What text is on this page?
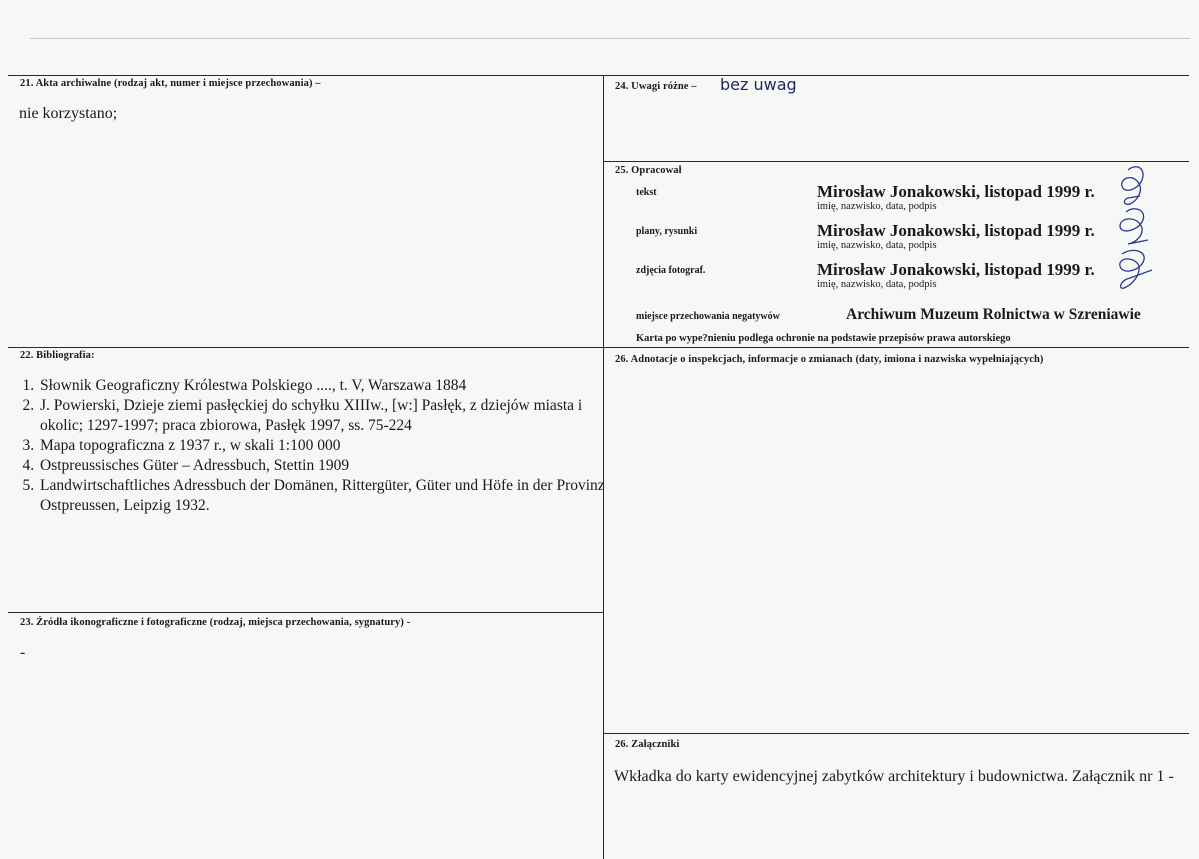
21. Akta archiwalne (rodzaj akt, numer i miejsce przechowania) –
nie korzystano;
24. Uwagi różne – bez uwag
25. Opracował
tekst	Mirosław Jonakowski, listopad 1999 r.
imię, nazwisko, data, podpis
plany, rysunki	Mirosław Jonakowski, listopad 1999 r.
imię, nazwisko, data, podpis
zdjęcia fotograf.	Mirosław Jonakowski, listopad 1999 r.
imię, nazwisko, data, podpis
miejsce przechowania negatywów	Archiwum Muzeum Rolnictwa w Szreniawie
Karta po wype?nieniu podlega ochronie na podstawie przepisów prawa autorskiego
22. Bibliografia:
1. Słownik Geograficzny Królestwa Polskiego ...., t. V, Warszawa 1884
2. J. Powierski, Dzieje ziemi pasłęckiej do schyłku XIIIw., [w:] Pasłęk, z dziejów miasta i okolic; 1297-1997; praca zbiorowa, Pasłęk 1997, ss. 75-224
3. Mapa topograficzna z 1937 r., w skali 1:100 000
4. Ostpreussisches Güter – Adressbuch, Stettin 1909
5. Landwirtschaftliches Adressbuch der Domänen, Rittergüter, Güter und Höfe in der Provinz Ostpreussen, Leipzig 1932.
26. Adnotacje o inspekcjach, informacje o zmianach (daty, imiona i nazwiska wypełniających)
23. Źródła ikonograficzne i fotograficzne (rodzaj, miejsca przechowania, sygnatury) -
-
26. Załączniki
Wkładka do karty ewidencyjnej zabytków architektury i budownictwa. Załącznik nr 1 -
